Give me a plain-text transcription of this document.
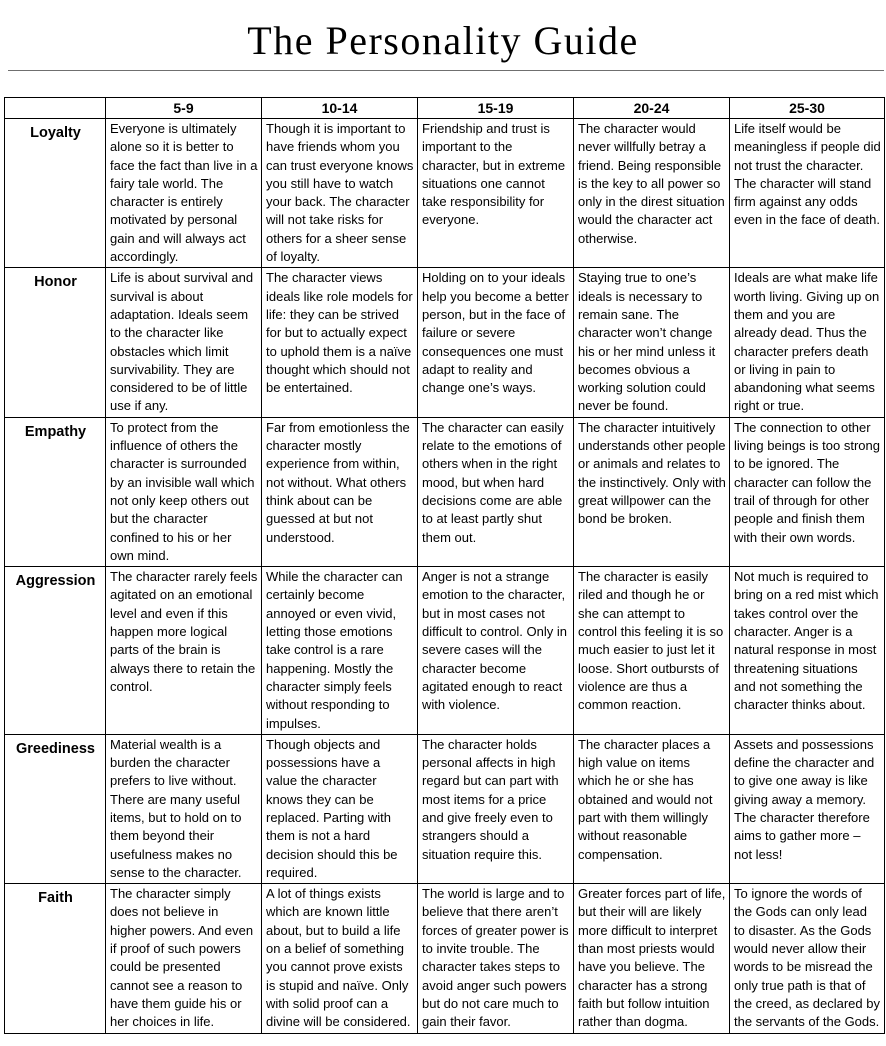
The Personality Guide
	5-9	10-14	15-19	20-24	25-30
Loyalty	Everyone is ultimately alone so it is better to face the fact than live in a fairy tale world. The character is entirely motivated by personal gain and will always act accordingly.	Though it is important to have friends whom you can trust everyone knows you still have to watch your back. The character will not take risks for others for a sheer sense of loyalty.	Friendship and trust is important to the character, but in extreme situations one cannot take responsibility for everyone.	The character would never willfully betray a friend. Being responsible is the key to all power so only in the direst situation would the character act otherwise.	Life itself would be meaningless if people did not trust the character. The character will stand firm against any odds even in the face of death.
Honor	Life is about survival and survival is about adaptation. Ideals seem to the character like obstacles which limit survivability. They are considered to be of little use if any.	The character views ideals like role models for life: they can be strived for but to actually expect to uphold them is a naïve thought which should not be entertained.	Holding on to your ideals help you become a better person, but in the face of failure or severe consequences one must adapt to reality and change one’s ways.	Staying true to one’s ideals is necessary to remain sane. The character won’t change his or her mind unless it becomes obvious a working solution could never be found.	Ideals are what make life worth living. Giving up on them and you are already dead. Thus the character prefers death or living in pain to abandoning what seems right or true.
Empathy	To protect from the influence of others the character is surrounded by an invisible wall which not only keep others out but the character confined to his or her own mind.	Far from emotionless the character mostly experience from within, not without. What others think about can be guessed at but not understood.	The character can easily relate to the emotions of others when in the right mood, but when hard decisions come are able to at least partly shut them out.	The character intuitively understands other people or animals and relates to the instinctively. Only with great willpower can the bond be broken.	The connection to other living beings is too strong to be ignored. The character can follow the trail of through for other people and finish them with their own words.
Aggression	The character rarely feels agitated on an emotional level and even if this happen more logical parts of the brain is always there to retain the control.	While the character can certainly become annoyed or even vivid, letting those emotions take control is a rare happening. Mostly the character simply feels without responding to impulses.	Anger is not a strange emotion to the character, but in most cases not difficult to control. Only in severe cases will the character become agitated enough to react with violence.	The character is easily riled and though he or she can attempt to control this feeling it is so much easier to just let it loose. Short outbursts of violence are thus a common reaction.	Not much is required to bring on a red mist which takes control over the character. Anger is a natural response in most threatening situations and not something the character thinks about.
Greediness	Material wealth is a burden the character prefers to live without. There are many useful items, but to hold on to them beyond their usefulness makes no sense to the character.	Though objects and possessions have a value the character knows they can be replaced. Parting with them is not a hard decision should this be required.	The character holds personal affects in high regard but can part with most items for a price and give freely even to strangers should a situation require this.	The character places a high value on items which he or she has obtained and would not part with them willingly without reasonable compensation.	Assets and possessions define the character and to give one away is like giving away a memory. The character therefore aims to gather more – not less!
Faith	The character simply does not believe in higher powers. And even if proof of such powers could be presented cannot see a reason to have them guide his or her choices in life.	A lot of things exists which are known little about, but to build a life on a belief of something you cannot prove exists is stupid and naïve. Only with solid proof can a divine will be considered.	The world is large and to believe that there aren’t forces of greater power is to invite trouble. The character takes steps to avoid anger such powers but do not care much to gain their favor.	Greater forces part of life, but their will are likely more difficult to interpret than most priests would have you believe. The character has a strong faith but follow intuition rather than dogma.	To ignore the words of the Gods can only lead to disaster. As the Gods would never allow their words to be misread the only true path is that of the creed, as declared by the servants of the Gods.
